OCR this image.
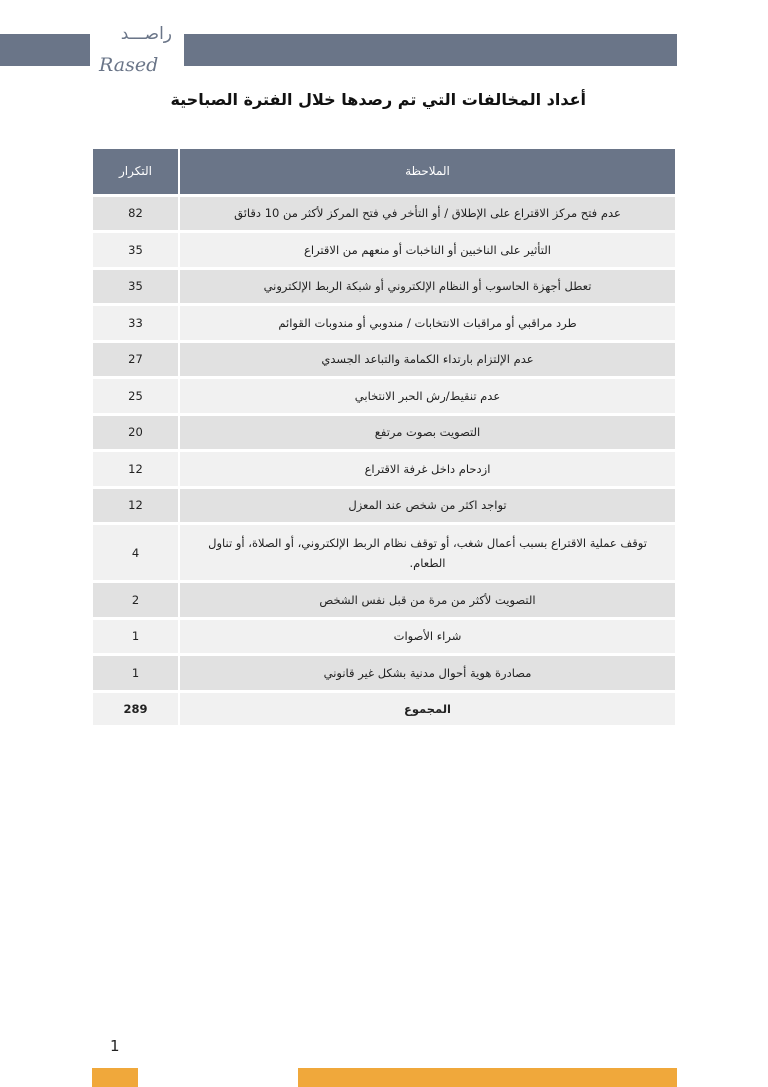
راصـــد
Rased
أعداد المخالفات التي تم رصدها خلال الفترة الصباحية
الملاحظة	التكرار
عدم فتح مركز الاقتراع على الإطلاق / أو التأخر في فتح المركز لأكثر من 10 دقائق	82
التأثير على الناخبين أو الناخبات أو منعهم من الاقتراع	35
تعطل أجهزة الحاسوب أو النظام الإلكتروني أو شبكة الربط الإلكتروني	35
طرد مراقبي أو مراقبات الانتخابات / مندوبي أو مندوبات القوائم	33
عدم الإلتزام بارتداء الكمامة والتباعد الجسدي	27
عدم تنقيط/رش الحبر الانتخابي	25
التصويت بصوت مرتفع	20
ازدحام داخل غرفة الاقتراع	12
تواجد اكثر من شخص عند المعزل	12
توقف عملية الاقتراع بسبب أعمال شغب، أو توقف نظام الربط الإلكتروني، أو الصلاة، أو تناول الطعام.	4
التصويت لأكثر من مرة من قبل نفس الشخص	2
شراء الأصوات	1
مصادرة هوية أحوال مدنية بشكل غير قانوني	1
المجموع	289
1
